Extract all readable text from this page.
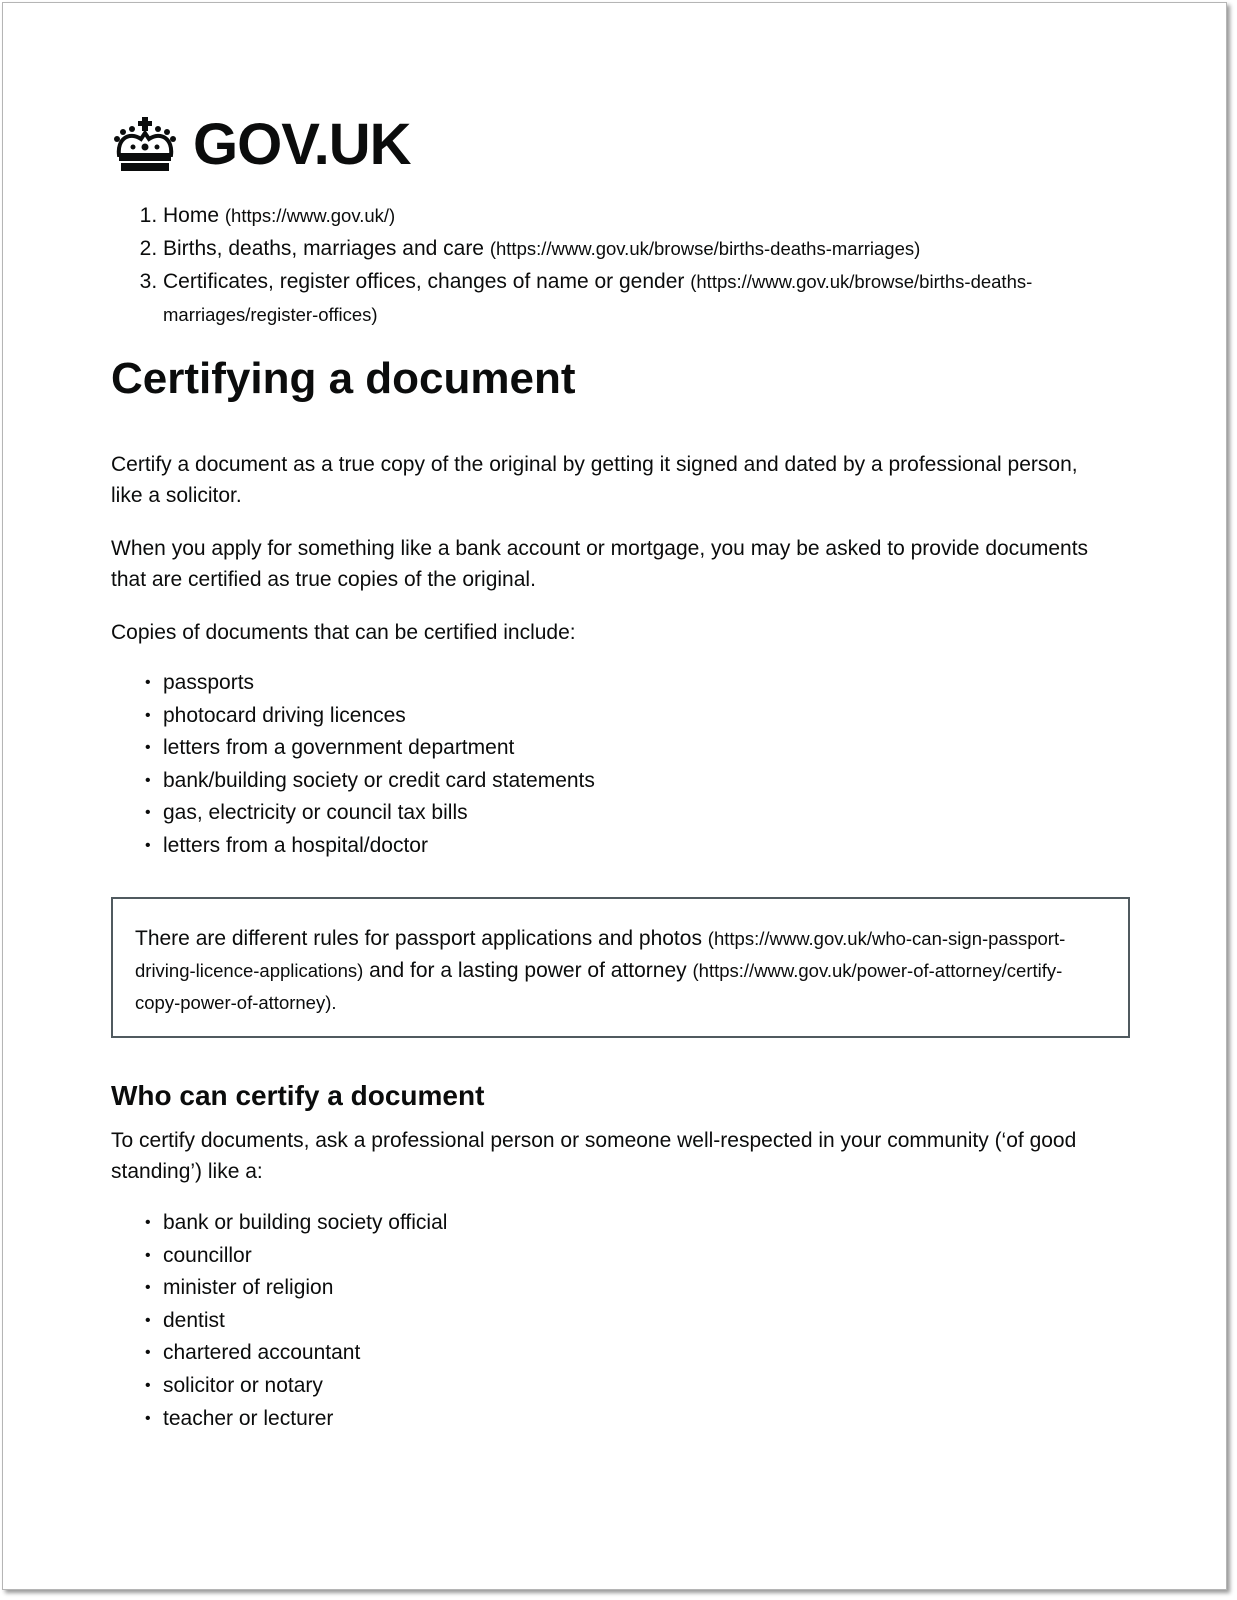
GOV.UK
1. Home (https://www.gov.uk/)
2. Births, deaths, marriages and care (https://www.gov.uk/browse/births-deaths-marriages)
3. Certificates, register offices, changes of name or gender (https://www.gov.uk/browse/births-deaths-marriages/register-offices)
Certifying a document

Certify a document as a true copy of the original by getting it signed and dated by a professional person, like a solicitor.

When you apply for something like a bank account or mortgage, you may be asked to provide documents that are certified as true copies of the original.

Copies of documents that can be certified include:

• passports
• photocard driving licences
• letters from a government department
• bank/building society or credit card statements
• gas, electricity or council tax bills
• letters from a hospital/doctor
There are different rules for passport applications and photos (https://www.gov.uk/who-can-sign-passport-driving-licence-applications) and for a lasting power of attorney (https://www.gov.uk/power-of-attorney/certify-copy-power-of-attorney).
Who can certify a document

To certify documents, ask a professional person or someone well-respected in your community (‘of good standing’) like a:

• bank or building society official
• councillor
• minister of religion
• dentist
• chartered accountant
• solicitor or notary
• teacher or lecturer
